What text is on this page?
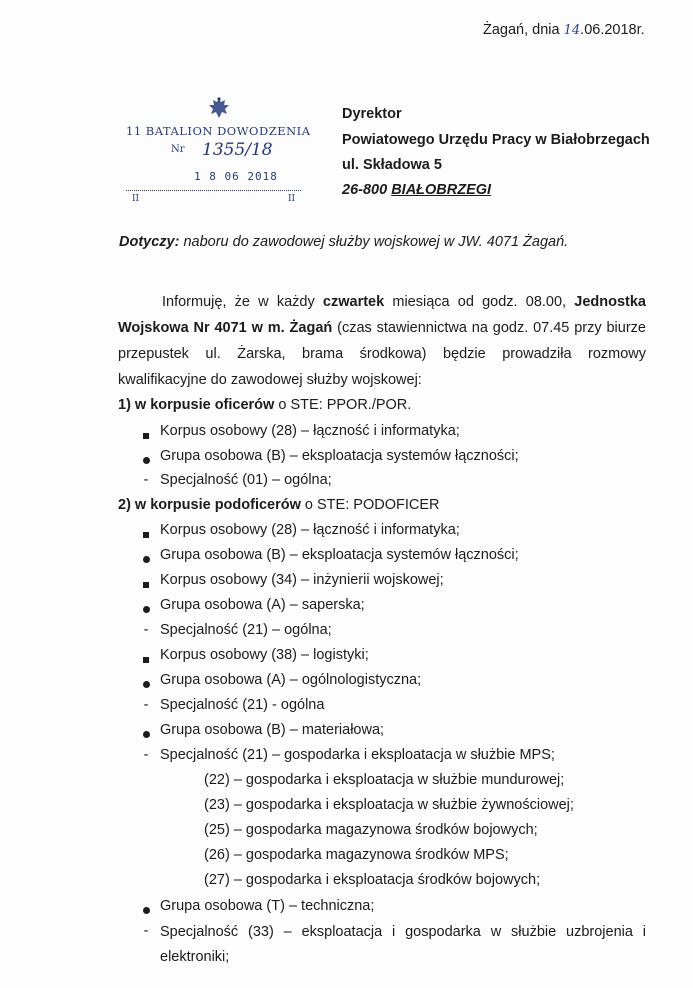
Żagań, dnia 14.06.2018r.
11 BATALION DOWODZENIA
Nr 1355/18
1 8 06 2018
II	II
Dyrektor
Powiatowego Urzędu Pracy w Białobrzegach
ul. Składowa 5
26-800 BIAŁOBRZEGI
Dotyczy: naboru do zawodowej służby wojskowej w JW. 4071 Żagań.
Informuję, że w każdy czwartek miesiąca od godz. 08.00, Jednostka Wojskowa Nr 4071 w m. Żagań (czas stawiennictwa na godz. 07.45 przy biurze przepustek ul. Żarska, brama środkowa) będzie prowadziła rozmowy kwalifikacyjne do zawodowej służby wojskowej:
1) w korpusie oficerów o STE: PPOR./POR.
Korpus osobowy (28) – łączność i informatyka;
Grupa osobowa (B) – eksploatacja systemów łączności;
- Specjalność (01) – ogólna;
2) w korpusie podoficerów o STE: PODOFICER
Korpus osobowy (28) – łączność i informatyka;
Grupa osobowa (B) – eksploatacja systemów łączności;
Korpus osobowy (34) – inżynierii wojskowej;
Grupa osobowa (A) – saperska;
- Specjalność (21) – ogólna;
Korpus osobowy (38) – logistyki;
Grupa osobowa (A) – ogólnologistyczna;
- Specjalność (21) - ogólna
Grupa osobowa (B) – materiałowa;
- Specjalność (21) – gospodarka i eksploatacja w służbie MPS;
(22) – gospodarka i eksploatacja w służbie mundurowej;
(23) – gospodarka i eksploatacja w służbie żywnościowej;
(25) – gospodarka magazynowa środków bojowych;
(26) – gospodarka magazynowa środków MPS;
(27) – gospodarka i eksploatacja środków bojowych;
Grupa osobowa (T) – techniczna;
- Specjalność (33) – eksploatacja i gospodarka w służbie uzbrojenia i elektroniki;
